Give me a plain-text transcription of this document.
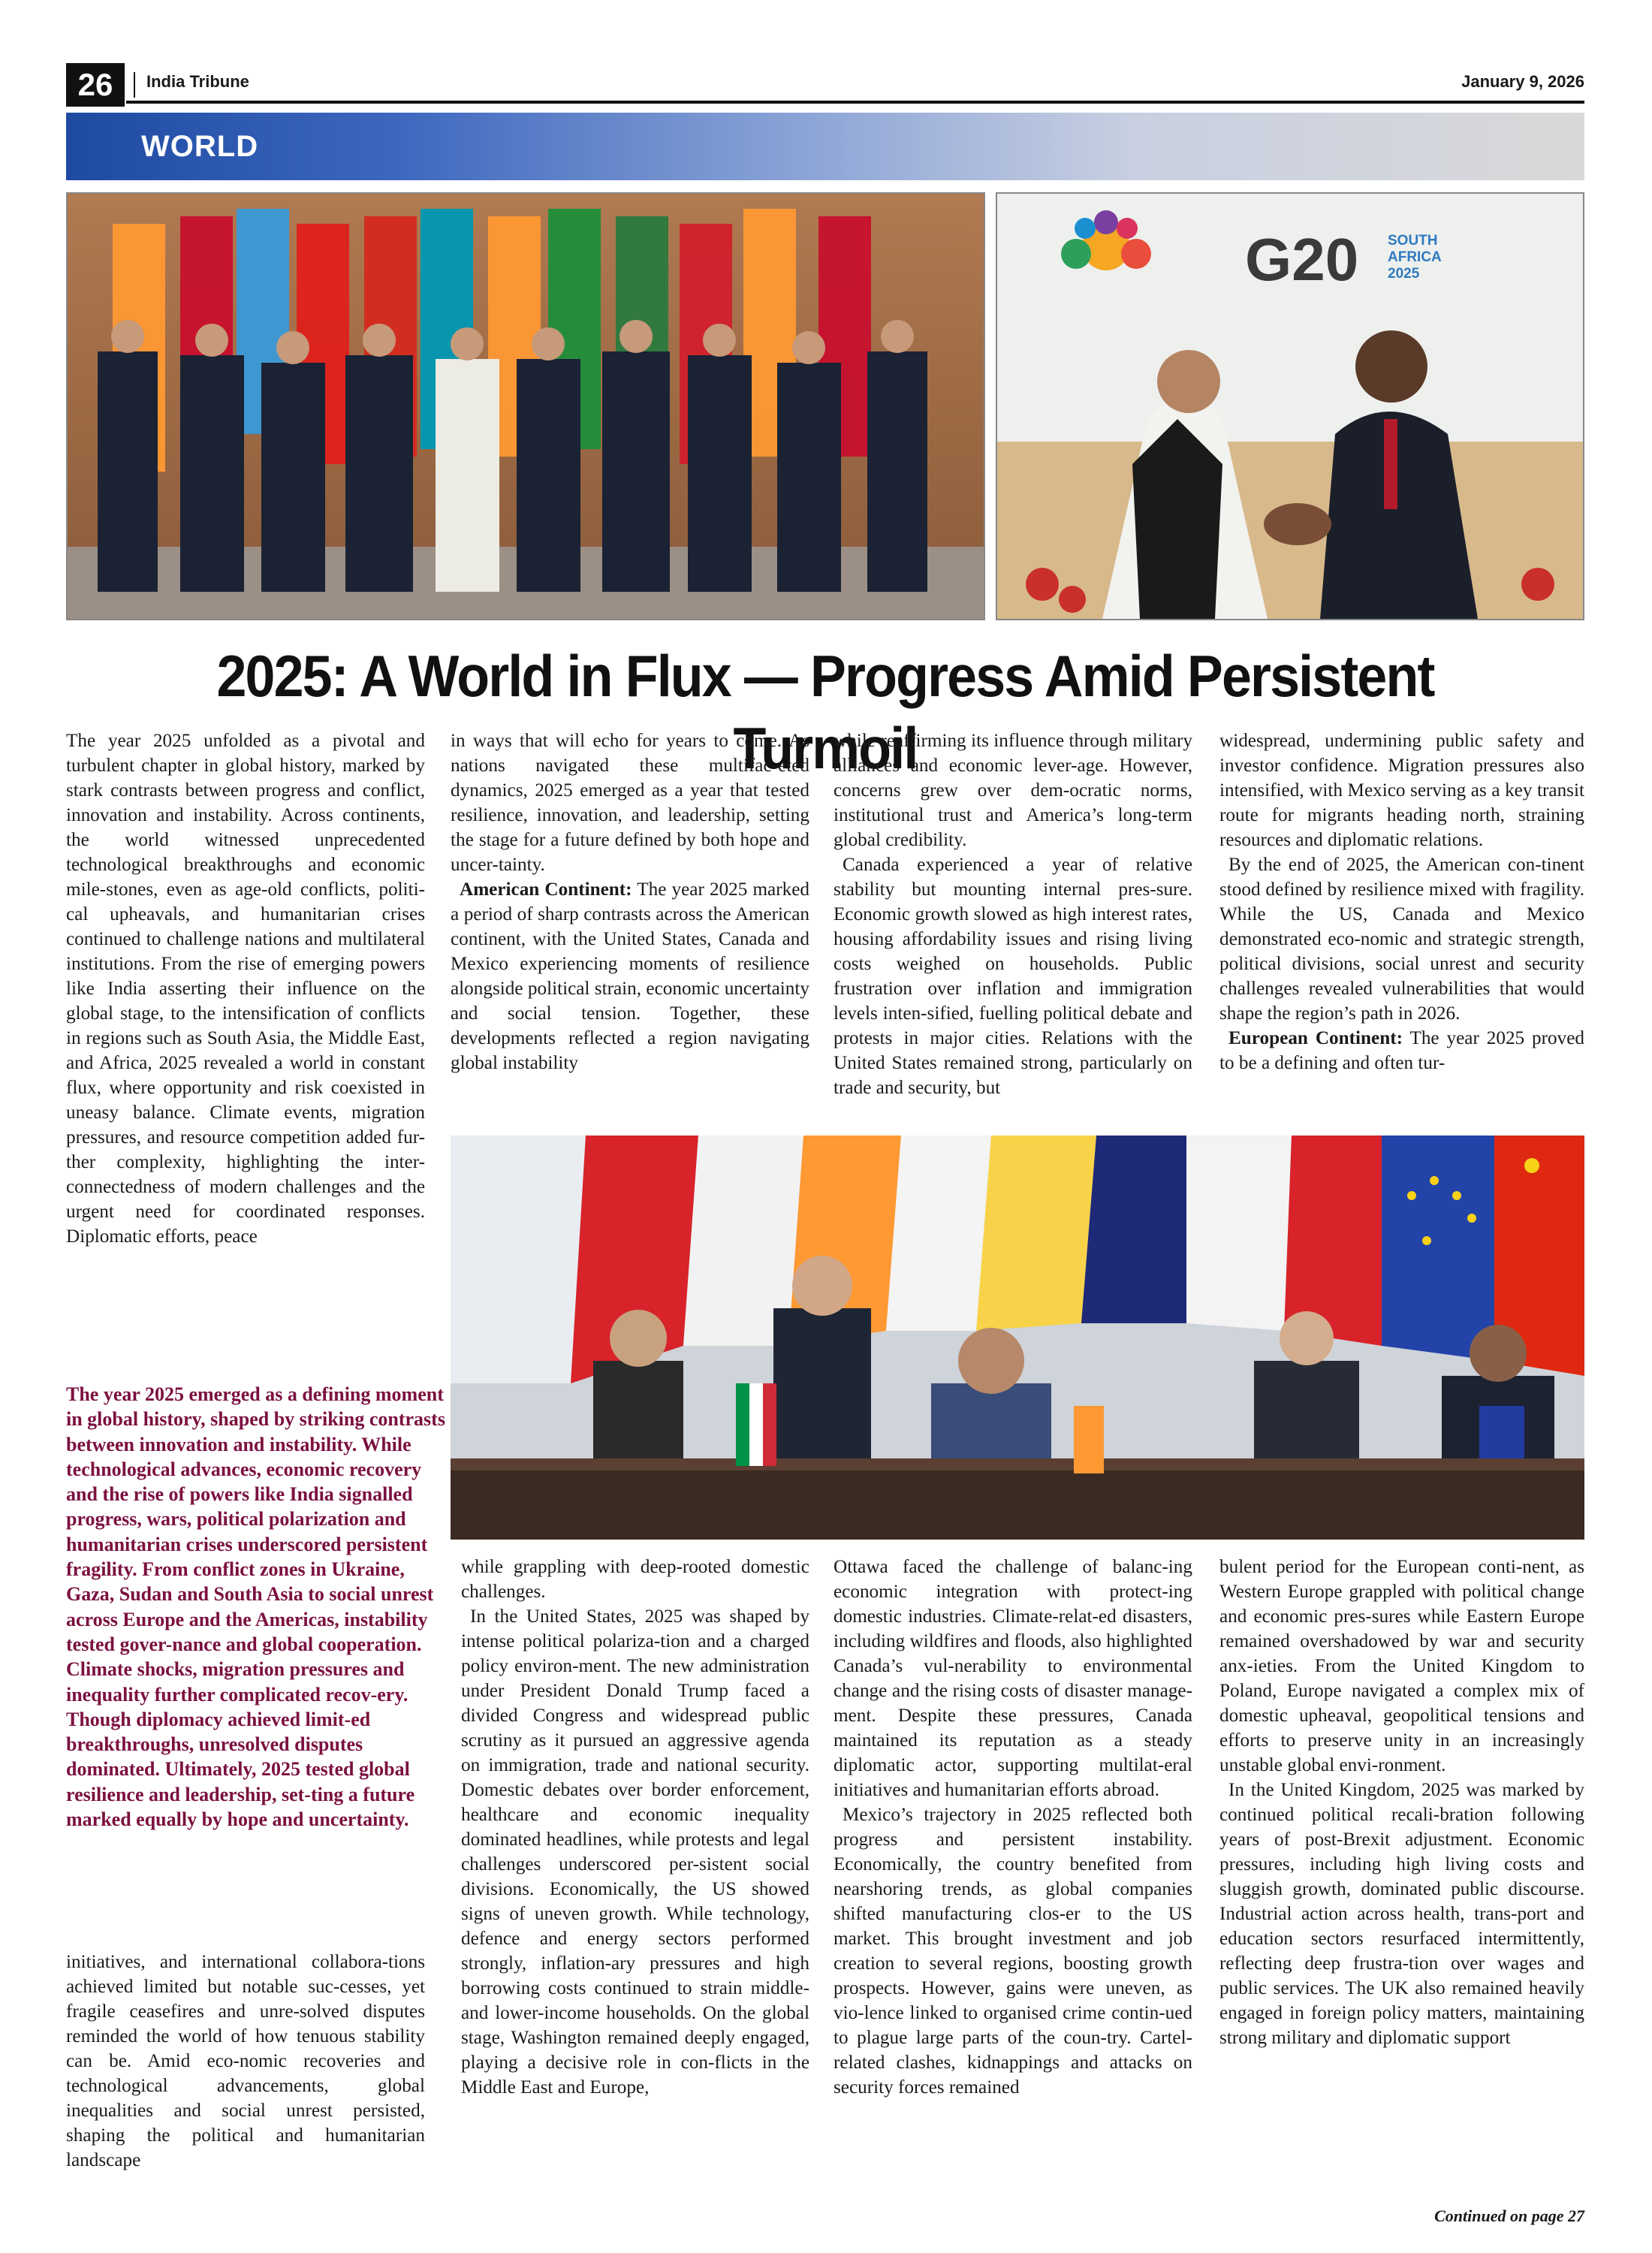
26	India Tribune	January 9, 2026
WORLD
G20 SOUTH
AFRICA
2025
2025: A World in Flux — Progress Amid Persistent Turmoil

The year 2025 unfolded as a pivotal and turbulent chapter in global history, marked by stark contrasts between progress and conflict, innovation and instability. Across continents, the world witnessed unprecedented technological breakthroughs and economic mile-stones, even as age-old conflicts, politi-cal upheavals, and humanitarian crises continued to challenge nations and multilateral institutions. From the rise of emerging powers like India asserting their influence on the global stage, to the intensification of conflicts in regions such as South Asia, the Middle East, and Africa, 2025 revealed a world in constant flux, where opportunity and risk coexisted in uneasy balance. Climate events, migration pressures, and resource competition added fur-ther complexity, highlighting the inter-connectedness of modern challenges and the urgent need for coordinated responses. Diplomatic efforts, peace

in ways that will echo for years to come. As nations navigated these multifac-eted dynamics, 2025 emerged as a year that tested resilience, innovation, and leadership, setting the stage for a future defined by both hope and uncer-tainty.

American Continent: The year 2025 marked a period of sharp contrasts across the American continent, with the United States, Canada and Mexico experiencing moments of resilience alongside political strain, economic uncertainty and social tension. Together, these developments reflected a region navigating global instability

while reaffirming its influence through military alliances and economic lever-age. However, concerns grew over dem-ocratic norms, institutional trust and America’s long-term global credibility.

Canada experienced a year of relative stability but mounting internal pres-sure. Economic growth slowed as high interest rates, housing affordability issues and rising living costs weighed on households. Public frustration over inflation and immigration levels inten-sified, fuelling political debate and protests in major cities. Relations with the United States remained strong, particularly on trade and security, but

widespread, undermining public safety and investor confidence. Migration pressures also intensified, with Mexico serving as a key transit route for migrants heading north, straining resources and diplomatic relations.

By the end of 2025, the American con-tinent stood defined by resilience mixed with fragility. While the US, Canada and Mexico demonstrated eco-nomic and strategic strength, political divisions, social unrest and security challenges revealed vulnerabilities that would shape the region’s path in 2026.

European Continent: The year 2025 proved to be a defining and often tur-

The year 2025 emerged as a defining moment in global history, shaped by striking contrasts between innovation and instability. While technological advances, economic recovery and the rise of powers like India signalled progress, wars, political polarization and humanitarian crises underscored persistent fragility. From conflict zones in Ukraine, Gaza, Sudan and South Asia to social unrest across Europe and the Americas, instability tested gover-nance and global cooperation. Climate shocks, migration pressures and inequality further complicated recov-ery. Though diplomacy achieved limit-ed breakthroughs, unresolved disputes dominated. Ultimately, 2025 tested global resilience and leadership, set-ting a future marked equally by hope and uncertainty.

initiatives, and international collabora-tions achieved limited but notable suc-cesses, yet fragile ceasefires and unre-solved disputes reminded the world of how tenuous stability can be. Amid eco-nomic recoveries and technological advancements, global inequalities and social unrest persisted, shaping the political and humanitarian landscape

while grappling with deep-rooted domestic challenges.

In the United States, 2025 was shaped by intense political polariza-tion and a charged policy environ-ment. The new administration under President Donald Trump faced a divided Congress and widespread public scrutiny as it pursued an aggressive agenda on immigration, trade and national security. Domestic debates over border enforcement, healthcare and economic inequality dominated headlines, while protests and legal challenges underscored per-sistent social divisions. Economically, the US showed signs of uneven growth. While technology, defence and energy sectors performed strongly, inflation-ary pressures and high borrowing costs continued to strain middle- and lower-income households. On the global stage, Washington remained deeply engaged, playing a decisive role in con-flicts in the Middle East and Europe,

Ottawa faced the challenge of balanc-ing economic integration with protect-ing domestic industries. Climate-relat-ed disasters, including wildfires and floods, also highlighted Canada’s vul-nerability to environmental change and the rising costs of disaster manage-ment. Despite these pressures, Canada maintained its reputation as a steady diplomatic actor, supporting multilat-eral initiatives and humanitarian efforts abroad.

Mexico’s trajectory in 2025 reflected both progress and persistent instability. Economically, the country benefited from nearshoring trends, as global companies shifted manufacturing clos-er to the US market. This brought investment and job creation to several regions, boosting growth prospects. However, gains were uneven, as vio-lence linked to organised crime contin-ued to plague large parts of the coun-try. Cartel-related clashes, kidnappings and attacks on security forces remained

bulent period for the European conti-nent, as Western Europe grappled with political change and economic pres-sures while Eastern Europe remained overshadowed by war and security anx-ieties. From the United Kingdom to Poland, Europe navigated a complex mix of domestic upheaval, geopolitical tensions and efforts to preserve unity in an increasingly unstable global envi-ronment.

In the United Kingdom, 2025 was marked by continued political recali-bration following years of post-Brexit adjustment. Economic pressures, including high living costs and sluggish growth, dominated public discourse. Industrial action across health, trans-port and education sectors resurfaced intermittently, reflecting deep frustra-tion over wages and public services. The UK also remained heavily engaged in foreign policy matters, maintaining strong military and diplomatic support

Continued on page 27
